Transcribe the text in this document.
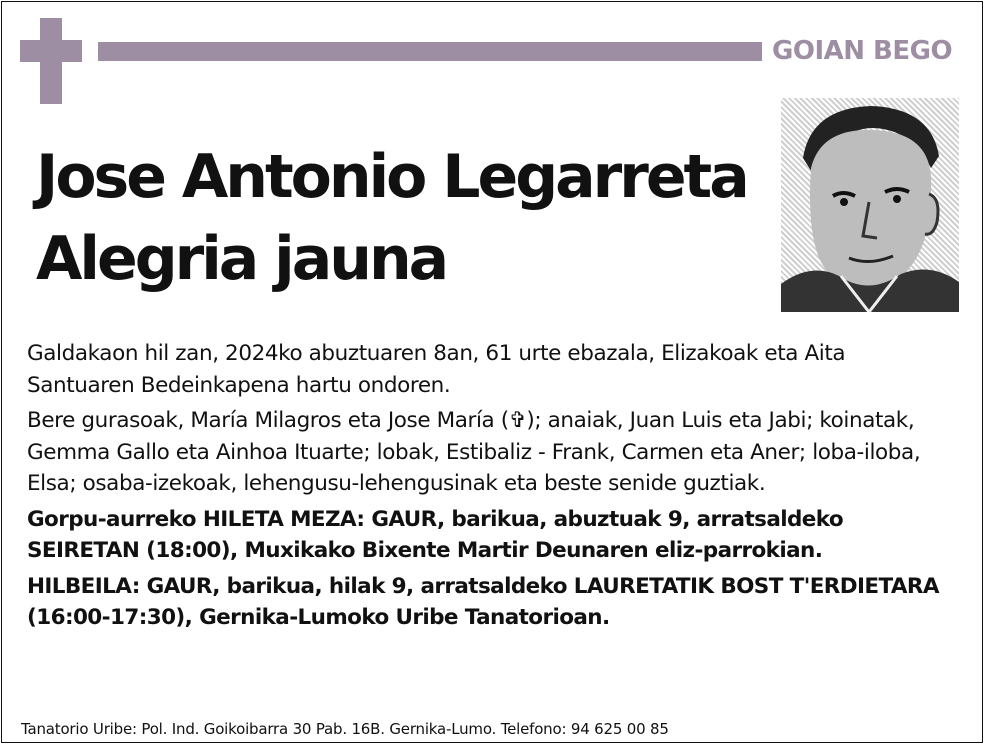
GOIAN BEGO
Jose Antonio Legarreta
Alegria jauna

Galdakaon hil zan, 2024ko abuztuaren 8an, 61 urte ebazala, Elizakoak eta Aita Santuaren Bedeinkapena hartu ondoren.

Bere gurasoak, María Milagros eta Jose María (✞); anaiak, Juan Luis eta Jabi; koinatak, Gemma Gallo eta Ainhoa Ituarte; lobak, Estibaliz - Frank, Carmen eta Aner; loba-iloba, Elsa; osaba-izekoak, lehengusu-lehengusinak eta beste senide guztiak.

Gorpu-aurreko HILETA MEZA: GAUR, barikua, abuztuak 9, arratsaldeko SEIRETAN (18:00), Muxikako Bixente Martir Deunaren eliz-parrokian.

HILBEILA: GAUR, barikua, hilak 9, arratsaldeko LAURETATIK BOST T'ERDIETARA (16:00-17:30), Gernika-Lumoko Uribe Tanatorioan.

Tanatorio Uribe: Pol. Ind. Goikoibarra 30 Pab. 16B. Gernika-Lumo. Telefono: 94 625 00 85
